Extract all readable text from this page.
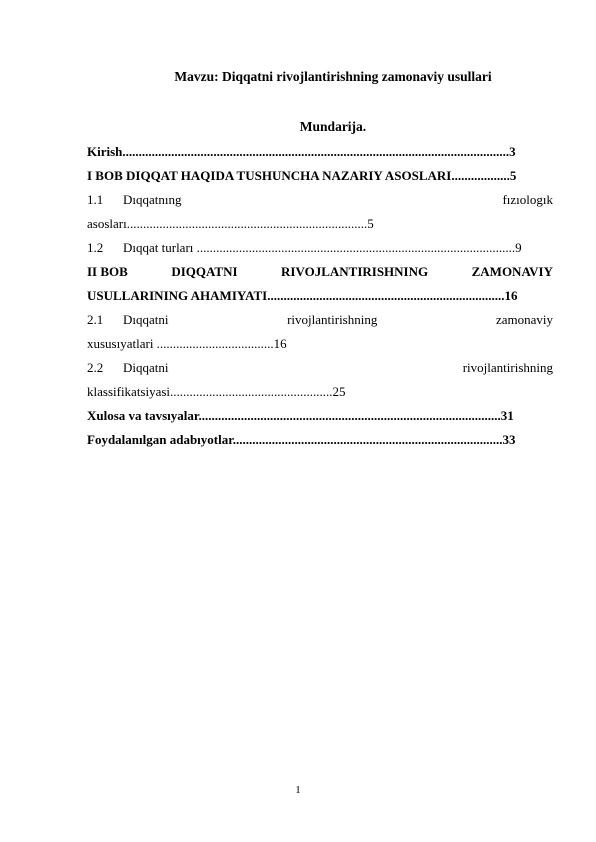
Mavzu: Diqqatni rivojlantirishning zamonaviy usullari
Mundarija.
Kirish.......................................................................................................................3
I BOB DIQQAT HAQIDA TUSHUNCHA NAZARIY ASOSLARI..................5
1.1 Dıqqatnıng	fızıologık
asosları..........................................................................5
1.2 Dıqqat turları ..................................................................................................9
II BOB	DIQQATNI	RIVOJLANTIRISHNING	ZAMONAVIY
USULLARINING AHAMIYATI.........................................................................16
2.1 Dıqqatni	rivojlantirishning	zamonaviy
xususıyatlari ....................................16
2.2 Diqqatni	rivojlantirishning
klassifikatsiyasi..................................................25
Xulosa va tavsıyalar.............................................................................................31
Foydalanılgan adabıyotlar...................................................................................33
1
